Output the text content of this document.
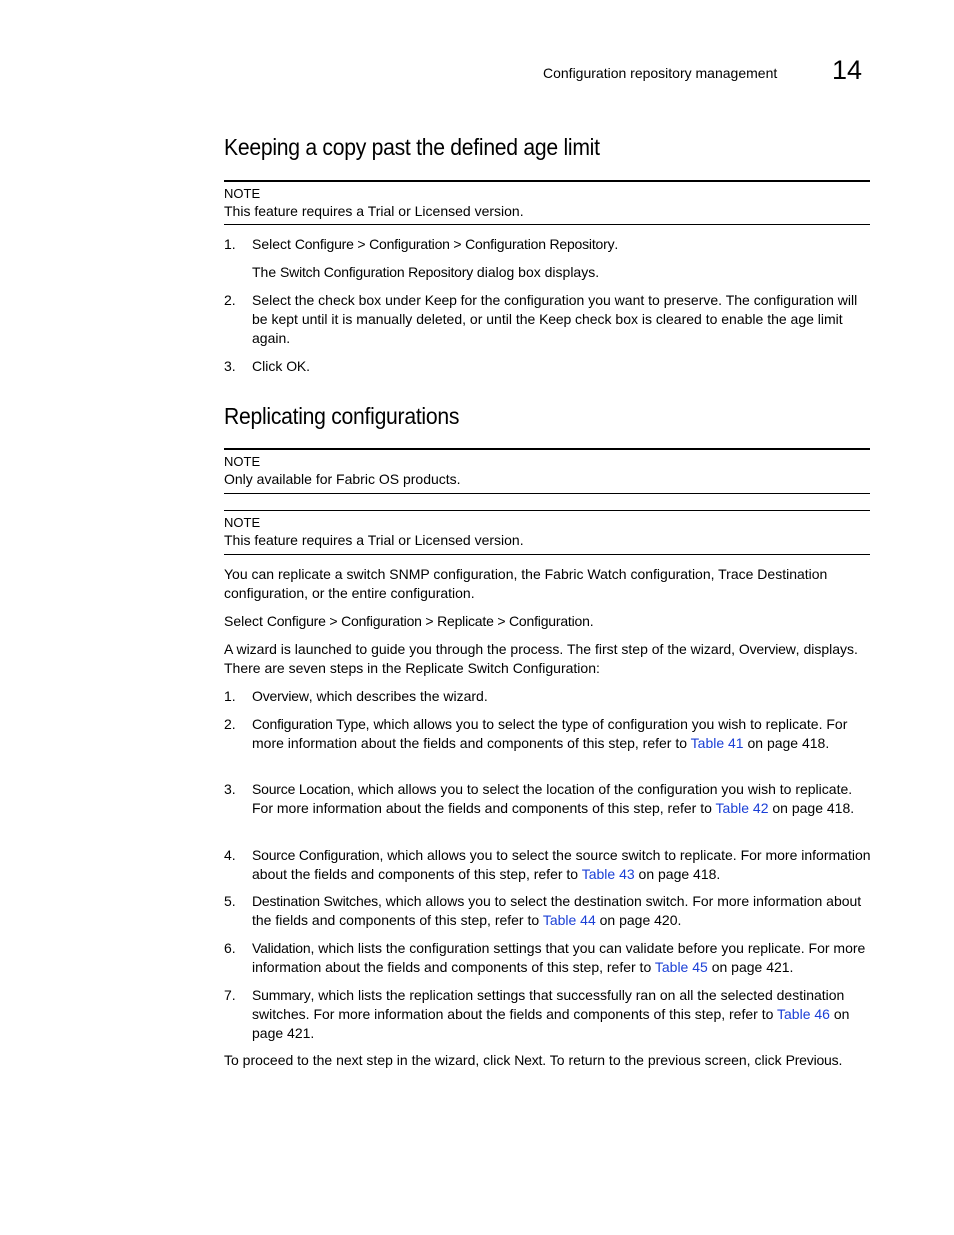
Configuration repository management 14
Keeping a copy past the defined age limit
NOTE
This feature requires a Trial or Licensed version.
1. Select Configure > Configuration > Configuration Repository.
The Switch Configuration Repository dialog box displays.
2. Select the check box under Keep for the configuration you want to preserve. The configuration will be kept until it is manually deleted, or until the Keep check box is cleared to enable the age limit again.
3. Click OK.
Replicating configurations
NOTE
Only available for Fabric OS products.
NOTE
This feature requires a Trial or Licensed version.
You can replicate a switch SNMP configuration, the Fabric Watch configuration, Trace Destination configuration, or the entire configuration.
Select Configure > Configuration > Replicate > Configuration.
A wizard is launched to guide you through the process. The first step of the wizard, Overview, displays. There are seven steps in the Replicate Switch Configuration:
1. Overview, which describes the wizard.
2. Configuration Type, which allows you to select the type of configuration you wish to replicate. For more information about the fields and components of this step, refer to Table 41 on page 418.
3. Source Location, which allows you to select the location of the configuration you wish to replicate. For more information about the fields and components of this step, refer to Table 42 on page 418.
4. Source Configuration, which allows you to select the source switch to replicate. For more information about the fields and components of this step, refer to Table 43 on page 418.
5. Destination Switches, which allows you to select the destination switch. For more information about the fields and components of this step, refer to Table 44 on page 420.
6. Validation, which lists the configuration settings that you can validate before you replicate. For more information about the fields and components of this step, refer to Table 45 on page 421.
7. Summary, which lists the replication settings that successfully ran on all the selected destination switches. For more information about the fields and components of this step, refer to Table 46 on page 421.
To proceed to the next step in the wizard, click Next. To return to the previous screen, click Previous.
